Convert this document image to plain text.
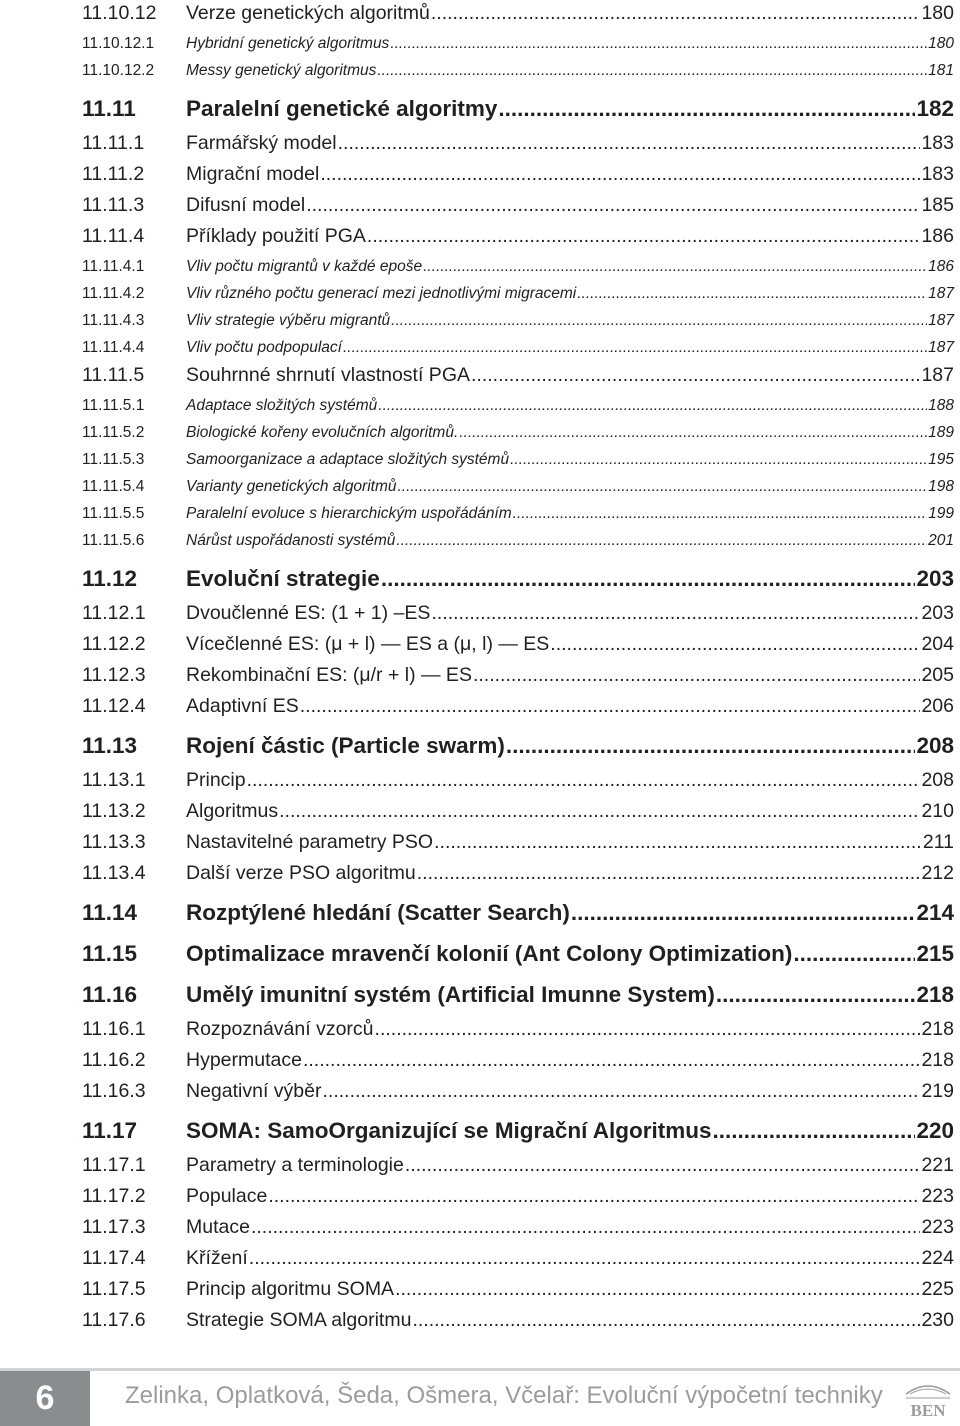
11.10.12	Verze genetických algoritmů .....	180
11.10.12.1	Hybridní genetický algoritmus .....	180
11.10.12.2	Messy genetický algoritmus .....	181
11.11	Paralelní genetické algoritmy .....	182
11.11.1	Farmářský model .....	183
11.11.2	Migrační model .....	183
11.11.3	Difusní model .....	185
11.11.4	Příklady použití PGA .....	186
11.11.4.1	Vliv počtu migrantů v každé epoše .....	186
11.11.4.2	Vliv různého počtu generací mezi jednotlivými migracemi .....	187
11.11.4.3	Vliv strategie výběru migrantů .....	187
11.11.4.4	Vliv počtu podpopulací .....	187
11.11.5	Souhrnné shrnutí vlastností PGA .....	187
11.11.5.1	Adaptace složitých systémů .....	188
11.11.5.2	Biologické kořeny evolučních algoritmů. .....	189
11.11.5.3	Samoorganizace a adaptace složitých systémů .....	195
11.11.5.4	Varianty genetických algoritmů .....	198
11.11.5.5	Paralelní evoluce s hierarchickým uspořádáním .....	199
11.11.5.6	Nárůst uspořádanosti systémů .....	201
11.12	Evoluční strategie .....	203
11.12.1	Dvoučlenné ES: (1 + 1) –ES .....	203
11.12.2	Vícečlenné ES: (μ + l) — ES a (μ, l) — ES .....	204
11.12.3	Rekombinační ES: (μ/r + l) — ES .....	205
11.12.4	Adaptivní ES .....	206
11.13	Rojení částic (Particle swarm) .....	208
11.13.1	Princip .....	208
11.13.2	Algoritmus .....	210
11.13.3	Nastavitelné parametry PSO .....	211
11.13.4	Další verze PSO algoritmu .....	212
11.14	Rozptýlené hledání (Scatter Search) .....	214
11.15	Optimalizace mravenčí kolonií (Ant Colony Optimization) .....	215
11.16	Umělý imunitní systém (Artificial Imunne System) .....	218
11.16.1	Rozpoznávání vzorců .....	218
11.16.2	Hypermutace .....	218
11.16.3	Negativní výběr .....	219
11.17	SOMA: SamoOrganizující se Migrační Algoritmus .....	220
11.17.1	Parametry a terminologie .....	221
11.17.2	Populace .....	223
11.17.3	Mutace .....	223
11.17.4	Křížení .....	224
11.17.5	Princip algoritmu SOMA .....	225
11.17.6	Strategie SOMA algoritmu .....	230
6	Zelinka, Oplatková, Šeda, Ošmera, Včelař: Evoluční výpočetní techniky
BEN
